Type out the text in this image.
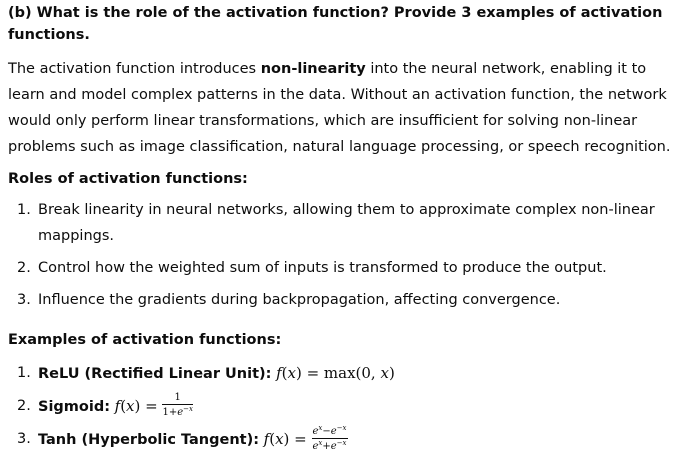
(b) What is the role of the activation function? Provide 3 examples of activation functions.

The activation function introduces non-linearity into the neural network, enabling it to learn and model complex patterns in the data. Without an activation function, the network would only perform linear transformations, which are insufficient for solving non-linear problems such as image classification, natural language processing, or speech recognition.

Roles of activation functions:
1. Break linearity in neural networks, allowing them to approximate complex non-linear mappings.
2. Control how the weighted sum of inputs is transformed to produce the output.
3. Influence the gradients during backpropagation, affecting convergence.
Examples of activation functions:
1. ReLU (Rectified Linear Unit): f(x) = max(0, x)
2. Sigmoid: $f(x) = \frac{1}{1+e^{-x}}$
3. Tanh (Hyperbolic Tangent): $f(x) = \frac{e^x-e^{-x}}{e^x+e^{-x}}$
